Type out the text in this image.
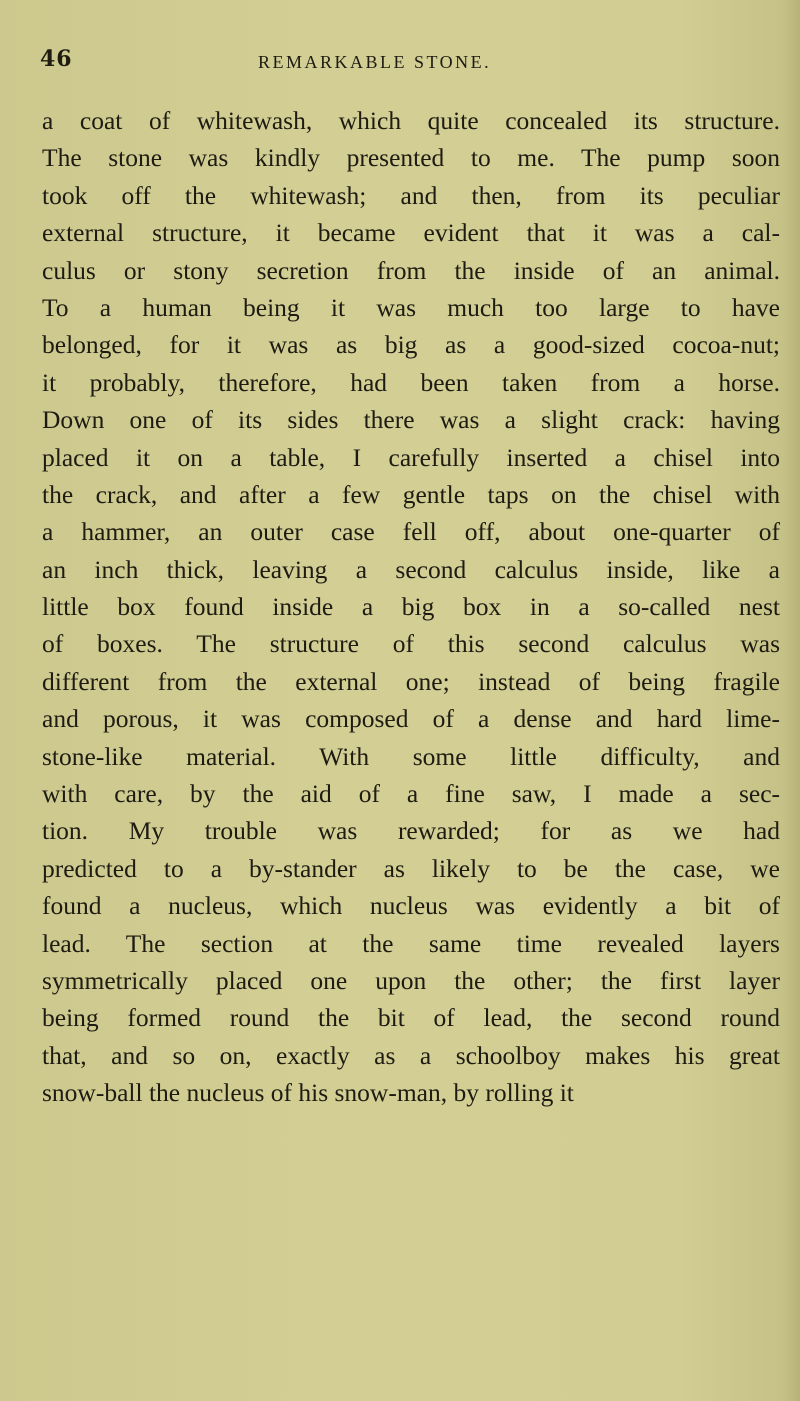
46	REMARKABLE STONE.
a coat of whitewash, which quite concealed its structure.
The stone was kindly presented to me. The pump soon
took off the whitewash; and then, from its peculiar
external structure, it became evident that it was a cal-
culus or stony secretion from the inside of an animal.
To a human being it was much too large to have
belonged, for it was as big as a good-sized cocoa-nut;
it probably, therefore, had been taken from a horse.
Down one of its sides there was a slight crack: having
placed it on a table, I carefully inserted a chisel into
the crack, and after a few gentle taps on the chisel with
a hammer, an outer case fell off, about one-quarter of
an inch thick, leaving a second calculus inside, like a
little box found inside a big box in a so-called nest
of boxes. The structure of this second calculus was
different from the external one; instead of being fragile
and porous, it was composed of a dense and hard lime-
stone-like material. With some little difficulty, and
with care, by the aid of a fine saw, I made a sec-
tion. My trouble was rewarded; for as we had
predicted to a by-stander as likely to be the case, we
found a nucleus, which nucleus was evidently a bit of
lead. The section at the same time revealed layers
symmetrically placed one upon the other; the first layer
being formed round the bit of lead, the second round
that, and so on, exactly as a schoolboy makes his great
snow-ball the nucleus of his snow-man, by rolling it
